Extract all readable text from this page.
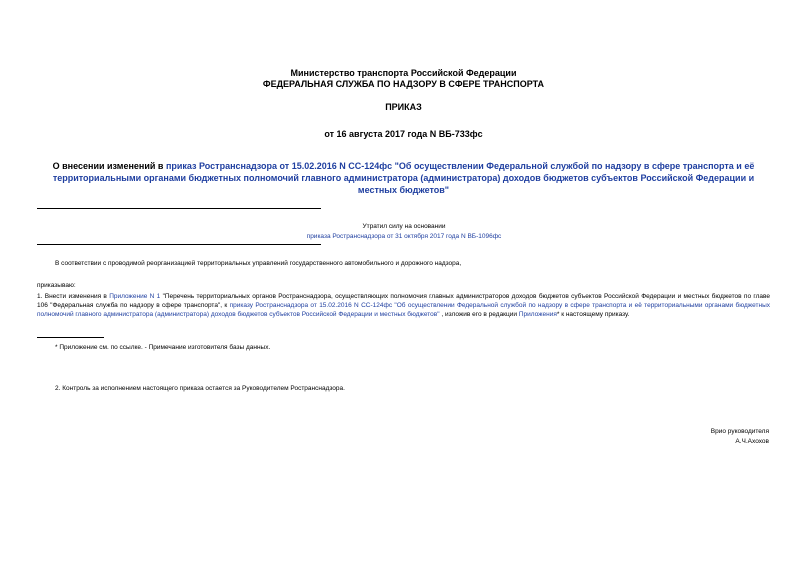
Министерство транспорта Российской Федерации
ФЕДЕРАЛЬНАЯ СЛУЖБА ПО НАДЗОРУ В СФЕРЕ ТРАНСПОРТА
ПРИКАЗ
от 16 августа 2017 года N ВБ-733фс
О внесении изменений в приказ Ространснадзора от 15.02.2016 N СС-124фс "Об осуществлении Федеральной службой по надзору в сфере транспорта и её территориальными органами бюджетных полномочий главного администратора (администратора) доходов бюджетов субъектов Российской Федерации и местных бюджетов"
Утратил силу на основании
приказа Ространснадзора от 31 октября 2017 года N ВБ-1096фс
В соответствии с проводимой реорганизацией территориальных управлений государственного автомобильного и дорожного надзора,
приказываю:
1. Внести изменения в Приложение N 1 "Перечень территориальных органов Ространснадзора, осуществляющих полномочия главных администраторов доходов бюджетов субъектов Российской Федерации и местных бюджетов по главе 106 "Федеральная служба по надзору в сфере транспорта", к приказу Ространснадзора от 15.02.2016 N СС-124фс "Об осуществлении Федеральной службой по надзору в сфере транспорта и её территориальными органами бюджетных полномочий главного администратора (администратора) доходов бюджетов субъектов Российской Федерации и местных бюджетов" , изложив его в редакции Приложения* к настоящему приказу.
* Приложение см. по ссылке. - Примечание изготовителя базы данных.
2. Контроль за исполнением настоящего приказа остается за Руководителем Ространснадзора.
Врио руководителя
А.Ч.Ахохов
